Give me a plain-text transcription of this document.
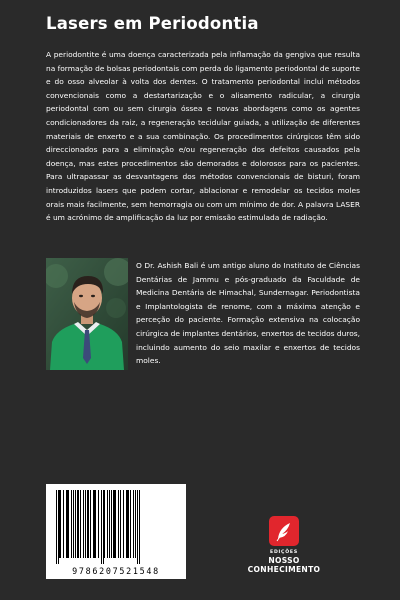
Lasers em Periodontia

A periodontite é uma doença caracterizada pela inflamação da gengiva que resulta na formação de bolsas periodontais com perda do ligamento periodontal de suporte e do osso alveolar à volta dos dentes. O tratamento periodontal inclui métodos convencionais como a destartarização e o alisamento radicular, a cirurgia periodontal com ou sem cirurgia óssea e novas abordagens como os agentes condicionadores da raiz, a regeneração tecidular guiada, a utilização de diferentes materiais de enxerto e a sua combinação. Os procedimentos cirúrgicos têm sido direccionados para a eliminação e/ou regeneração dos defeitos causados pela doença, mas estes procedimentos são demorados e dolorosos para os pacientes. Para ultrapassar as desvantagens dos métodos convencionais de bisturi, foram introduzidos lasers que podem cortar, ablacionar e remodelar os tecidos moles orais mais facilmente, sem hemorragia ou com um mínimo de dor. A palavra LASER é um acrónimo de amplificação da luz por emissão estimulada de radiação.

O Dr. Ashish Bali é um antigo aluno do Instituto de Ciências Dentárias de Jammu e pós-graduado da Faculdade de Medicina Dentária de Himachal, Sundernagar. Periodontista e Implantologista de renome, com a máxima atenção e perceção do paciente. Formação extensiva na colocação cirúrgica de implantes dentários, enxertos de tecidos duros, incluindo aumento do seio maxilar e enxertos de tecidos moles.

9786207521548
EDIÇÕES
NOSSO CONHECIMENTO
